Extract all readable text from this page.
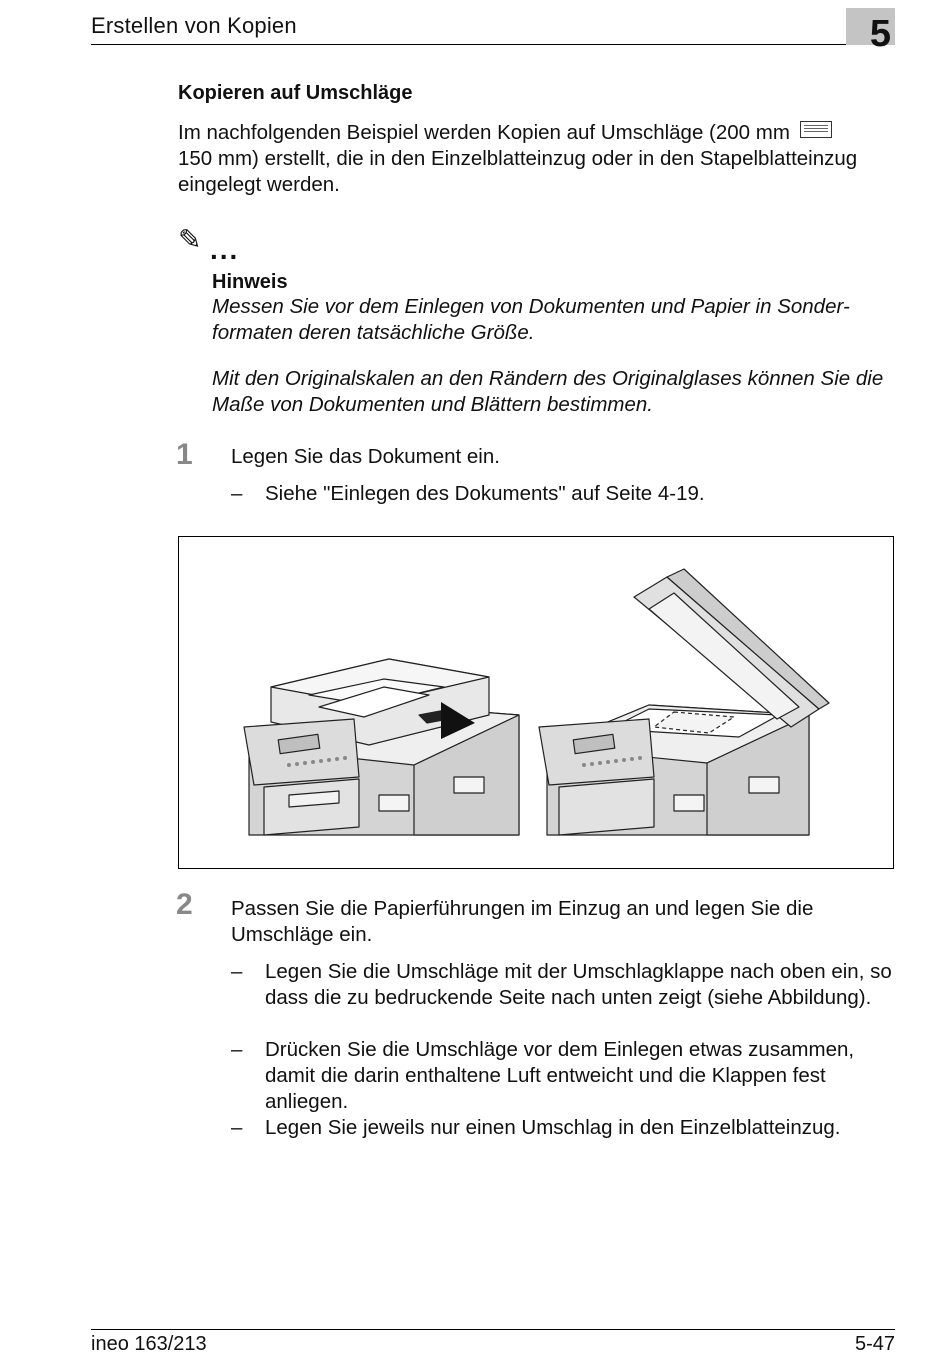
Erstellen von Kopien	5
Kopieren auf Umschläge
Im nachfolgenden Beispiel werden Kopien auf Umschläge (200 mm
150 mm) erstellt, die in den Einzelblatteinzug oder in den Stapelblatteinzug eingelegt werden.
✎ ...
Hinweis
Messen Sie vor dem Einlegen von Dokumenten und Papier in Sonder-formaten deren tatsächliche Größe.
Mit den Originalskalen an den Rändern des Originalglases können Sie die Maße von Dokumenten und Blättern bestimmen.
1 Legen Sie das Dokument ein.
– Siehe "Einlegen des Dokuments" auf Seite 4-19.
2 Passen Sie die Papierführungen im Einzug an und legen Sie die Umschläge ein.
– Legen Sie die Umschläge mit der Umschlagklappe nach oben ein, so dass die zu bedruckende Seite nach unten zeigt (siehe Abbildung).
– Drücken Sie die Umschläge vor dem Einlegen etwas zusammen, damit die darin enthaltene Luft entweicht und die Klappen fest anliegen.
– Legen Sie jeweils nur einen Umschlag in den Einzelblatteinzug.
ineo 163/213	5-47
